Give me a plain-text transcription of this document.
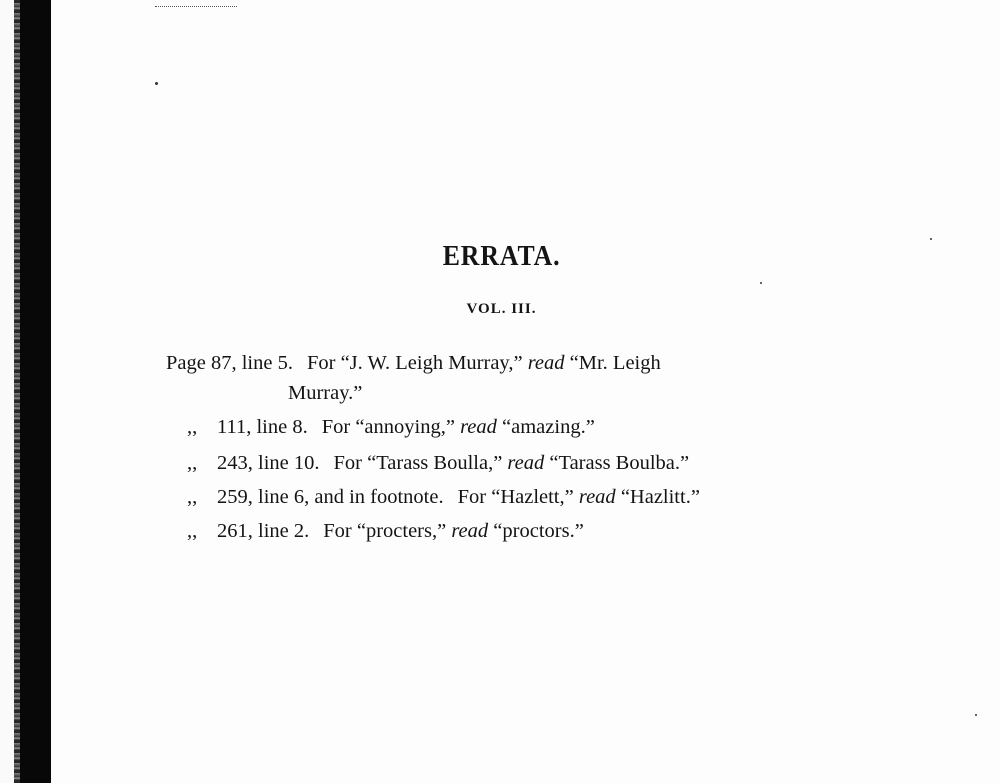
ERRATA.
VOL. III.
Page 87, line 5. For “J. W. Leigh Murray,” read “Mr. Leigh
Murray.”
,, 111, line 8. For “annoying,” read “amazing.”
,, 243, line 10. For “Tarass Boulla,” read “Tarass Boulba.”
,, 259, line 6, and in footnote. For “Hazlett,” read “Hazlitt.”
,, 261, line 2. For “procters,” read “proctors.”
